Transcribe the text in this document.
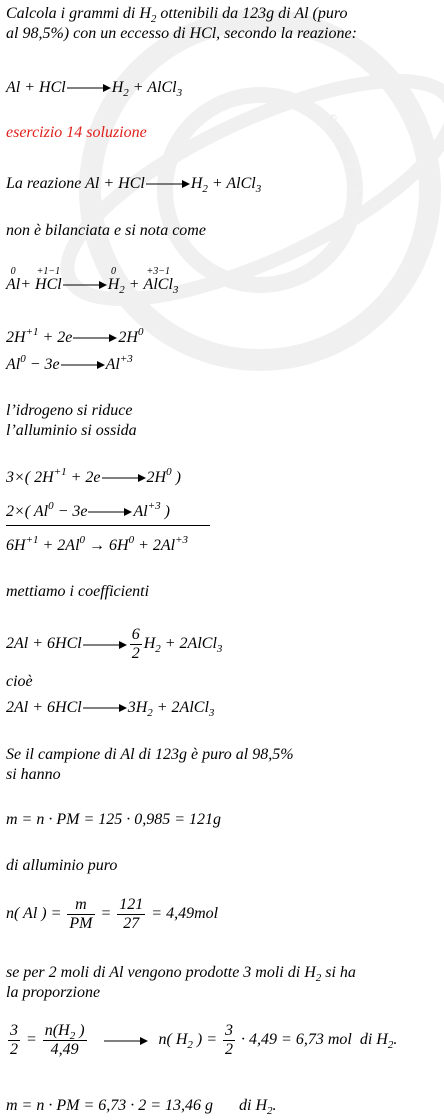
edutecnica
Calcola i grammi di $H_2$ ottenibili da 123g di Al (puro
al 98,5%) con un eccesso di HCl, secondo la reazione:
$Al + HCl\to H_2$ + AlCl$_3$
esercizio 14 soluzione
La reazione $Al + HCl\to H_2$ + AlCl$_3$
non è bilanciata e si nota come
0
Al+
+1−1
HCl→
0
$H_2$ +
+3−1
AlCl$_3$
$2H^{+1} + 2e\to 2H^0$
$Al^0 - 3e\to Al^{+3}$
l’idrogeno si riduce
l’alluminio si ossida
3×( $2H^{+1} + 2e\to 2H^0$ )
2×( $Al^0 - 3e\to Al^{+3}$ )
$6H^{+1} + 2Al^0 \to 6H^0 + 2Al^{+3}$
mettiamo i coefficienti
$2Al + 6HCl\to \frac{6}{2} H_2$ + 2AlCl$_3$
cioè
$2Al + 6HCl\to 3H_2$ + 2AlCl$_3$
Se il campione di Al di 123g è puro al 98,5%
si hanno
m = n · PM = 125 · 0,985 = 121g
di alluminio puro
n( Al ) = $\frac{m}{PM} = \frac{121}{27} = 4,49mol$
se per 2 moli di Al vengono prodotte 3 moli di $H_2$ si ha
la proporzione
$\frac{3}{2} = \frac{n(H_2 )}{4,49} \to n$( $H_2$ ) = $\frac{3}{2} \cdot 4,49 = 6,73$ mol di $H_2$.
m = n · PM = 6,73 · 2 = 13,46 g di $H_2$.
